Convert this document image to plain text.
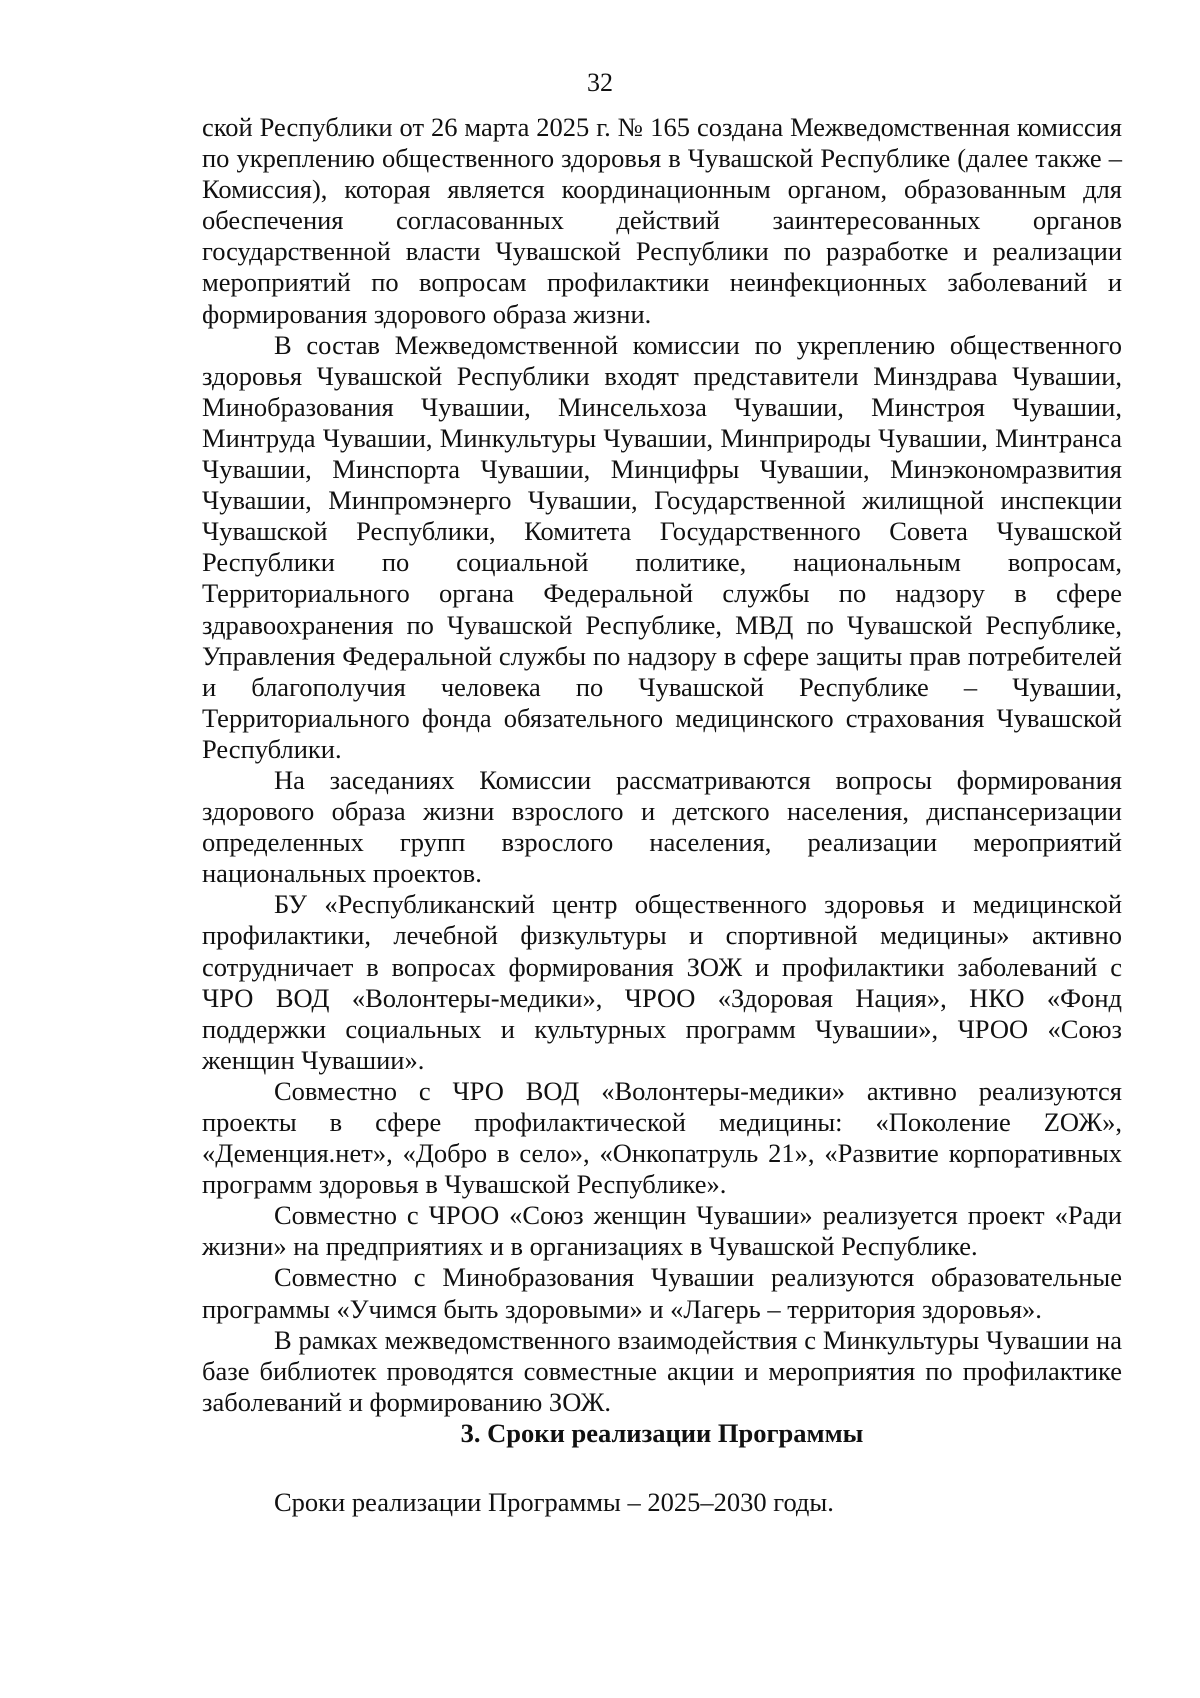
32

ской Республики от 26 марта 2025 г. № 165 создана Межведомственная комиссия по укреплению общественного здоровья в Чувашской Республике (далее также – Комиссия), которая является координационным органом, образованным для обеспечения согласованных действий заинтересованных органов государственной власти Чувашской Республики по разработке и реализации мероприятий по вопросам профилактики неинфекционных заболеваний и формирования здорового образа жизни.

В состав Межведомственной комиссии по укреплению общественного здоровья Чувашской Республики входят представители Минздрава Чувашии, Минобразования Чувашии, Минсельхоза Чувашии, Минстроя Чувашии, Минтруда Чувашии, Минкультуры Чувашии, Минприроды Чувашии, Минтранса Чувашии, Минспорта Чувашии, Минцифры Чувашии, Минэкономразвития Чувашии, Минпромэнерго Чувашии, Государственной жилищной инспекции Чувашской Республики, Комитета Государственного Совета Чувашской Республики по социальной политике, национальным вопросам, Территориального органа Федеральной службы по надзору в сфере здравоохранения по Чувашской Республике, МВД по Чувашской Республике, Управления Федеральной службы по надзору в сфере защиты прав потребителей и благополучия человека по Чувашской Республике – Чувашии, Территориального фонда обязательного медицинского страхования Чувашской Республики.

На заседаниях Комиссии рассматриваются вопросы формирования здорового образа жизни взрослого и детского населения, диспансеризации определенных групп взрослого населения, реализации мероприятий национальных проектов.

БУ «Республиканский центр общественного здоровья и медицинской профилактики, лечебной физкультуры и спортивной медицины» активно сотрудничает в вопросах формирования ЗОЖ и профилактики заболеваний с ЧРО ВОД «Волонтеры-медики», ЧРОО «Здоровая Нация», НКО «Фонд поддержки социальных и культурных программ Чувашии», ЧРОО «Союз женщин Чувашии».

Совместно с ЧРО ВОД «Волонтеры-медики» активно реализуются проекты в сфере профилактической медицины: «Поколение ZОЖ», «Деменция.нет», «Добро в село», «Онкопатруль 21», «Развитие корпоративных программ здоровья в Чувашской Республике».

Совместно с ЧРОО «Союз женщин Чувашии» реализуется проект «Ради жизни» на предприятиях и в организациях в Чувашской Республике.

Совместно с Минобразования Чувашии реализуются образовательные программы «Учимся быть здоровыми» и «Лагерь – территория здоровья».

В рамках межведомственного взаимодействия с Минкультуры Чувашии на базе библиотек проводятся совместные акции и мероприятия по профилактике заболеваний и формированию ЗОЖ.

3. Сроки реализации Программы

Сроки реализации Программы – 2025–2030 годы.
